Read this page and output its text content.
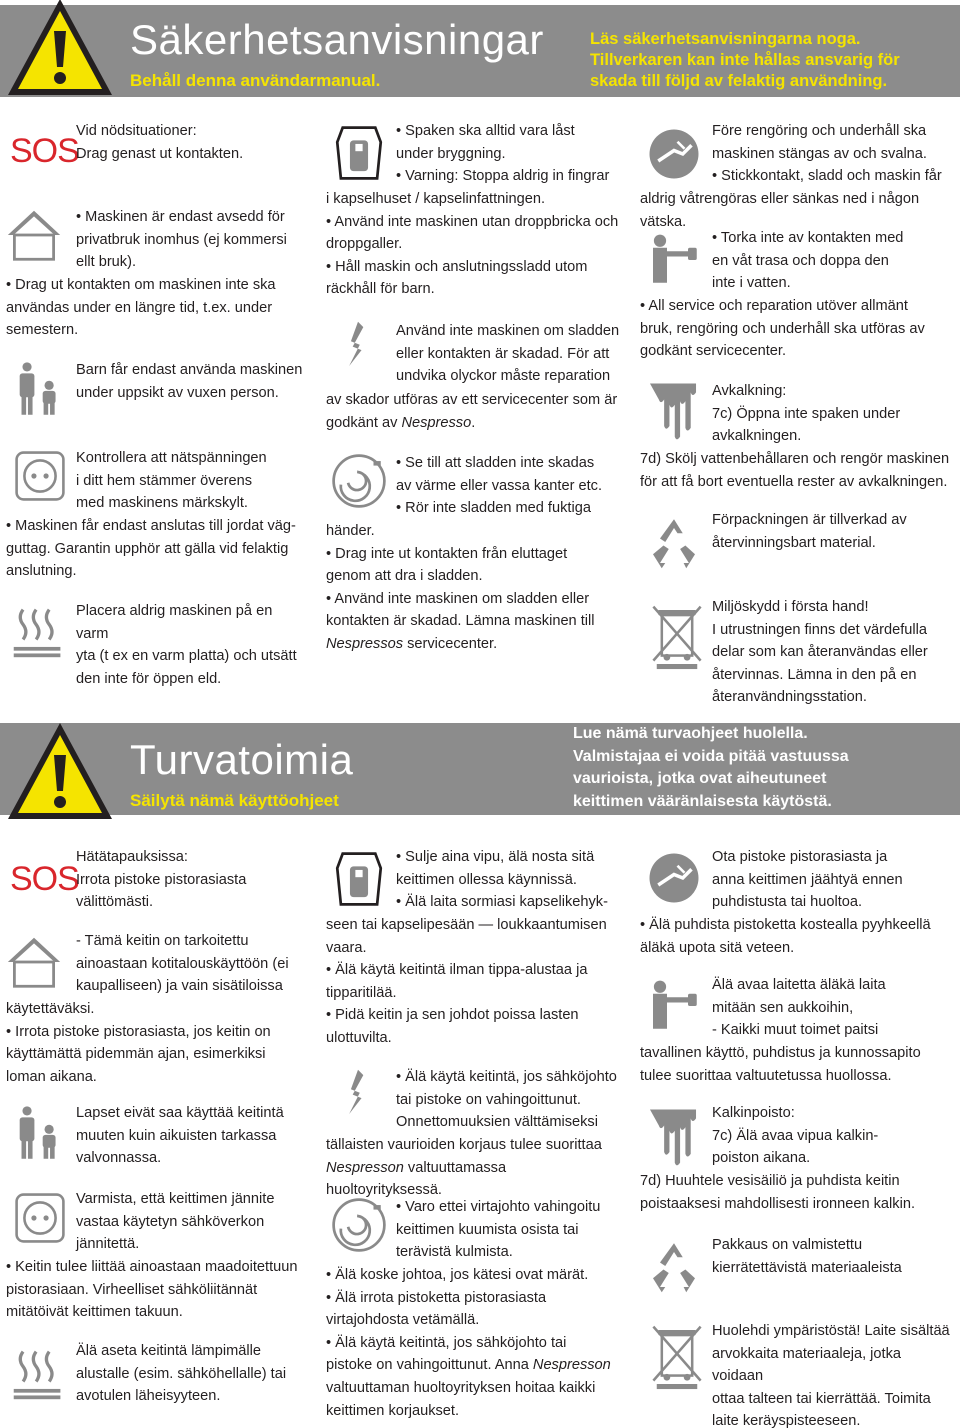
Säkerhetsanvisningar
Behåll denna användarmanual.
Läs säkerhetsanvisningarna noga.
Tillverkaren kan inte hållas ansvarig för
skada till följd av felaktig användning.
SOS

Vid nödsituationer:
Drag genast ut kontakten.

• Maskinen är endast avsedd för
privatbruk inomhus (ej kommersi
ellt bruk).

• Drag ut kontakten om maskinen inte ska
användas under en längre tid, t.ex. under
semestern.

Barn får endast använda maskinen
under uppsikt av vuxen person.

Kontrollera att nätspänningen
i ditt hem stämmer överens
med maskinens märkskylt.

• Maskinen får endast anslutas till jordat väg-
guttag. Garantin upphör att gälla vid felaktig
anslutning.

Placera aldrig maskinen på en varm
yta (t ex en varm platta) och utsätt
den inte för öppen eld.

• Spaken ska alltid vara låst
under bryggning.
• Varning: Stoppa aldrig in fingrar

i kapselhuset / kapselinfattningen.
• Använd inte maskinen utan droppbricka och
droppgaller.
• Håll maskin och anslutningssladd utom
räckhåll för barn.

Använd inte maskinen om sladden
eller kontakten är skadad. För att
undvika olyckor måste reparation

av skador utföras av ett servicecenter som är
godkänt av Nespresso.

• Se till att sladden inte skadas
av värme eller vassa kanter etc.
• Rör inte sladden med fuktiga

händer.
• Drag inte ut kontakten från eluttaget
genom att dra i sladden.
• Använd inte maskinen om sladden eller
kontakten är skadad. Lämna maskinen till
Nespressos servicecenter.

Före rengöring och underhåll ska
maskinen stängas av och svalna.
• Stickkontakt, sladd och maskin får

aldrig våtrengöras eller sänkas ned i någon vätska.

• Torka inte av kontakten med
en våt trasa och doppa den
inte i vatten.

• All service och reparation utöver allmänt
bruk, rengöring och underhåll ska utföras av
godkänt servicecenter.

Avkalkning:
7c) Öppna inte spaken under
avkalkningen.

7d) Skölj vattenbehållaren och rengör maskinen
för att få bort eventuella rester av avkalkningen.

Förpackningen är tillverkad av
återvinningsbart material.

Miljöskydd i första hand!
I utrustningen finns det värdefulla
delar som kan återanvändas eller
återvinnas. Lämna in den på en
återanvändningsstation.

Turvatoimia
Säilytä nämä käyttöohjeet
Lue nämä turvaohjeet huolella.
Valmistajaa ei voida pitää vastuussa
vaurioista, jotka ovat aiheutuneet
keittimen vääränlaisesta käytöstä.
SOS

Hätätapauksissa:
Irrota pistoke pistorasiasta
välittömästi.

- Tämä keitin on tarkoitettu
ainoastaan kotitalouskäyttöön (ei
kaupalliseen) ja vain sisätiloissa

käytettäväksi.
• Irrota pistoke pistorasiasta, jos keitin on
käyttämättä pidemmän ajan, esimerkiksi
loman aikana.

Lapset eivät saa käyttää keitintä
muuten kuin aikuisten tarkassa
valvonnassa.

Varmista, että keittimen jännite
vastaa käytetyn sähköverkon
jännitettä.

• Keitin tulee liittää ainoastaan maadoitettuun
pistorasiaan. Virheelliset sähköliitännät
mitätöivät keittimen takuun.

Älä aseta keitintä lämpimälle
alustalle (esim. sähköhellalle) tai
avotulen läheisyyteen.

• Sulje aina vipu, älä nosta sitä
keittimen ollessa käynnissä.
• Älä laita sormiasi kapselikehyk-

seen tai kapselipesään — loukkaantumisen
vaara.
• Älä käytä keitintä ilman tippa-alustaa ja
tipparitilää.
• Pidä keitin ja sen johdot poissa lasten
ulottuvilta.

• Älä käytä keitintä, jos sähköjohto
tai pistoke on vahingoittunut.
Onnettomuuksien välttämiseksi

tällaisten vaurioiden korjaus tulee suorittaa
Nespresson valtuuttamassa huoltoyrityksessä.

• Varo ettei virtajohto vahingoitu
keittimen kuumista osista tai
terävistä kulmista.

• Älä koske johtoa, jos kätesi ovat märät.
• Älä irrota pistoketta pistorasiasta
virtajohdosta vetämällä.
• Älä käytä keitintä, jos sähköjohto tai
pistoke on vahingoittunut. Anna Nespresson
valtuuttaman huoltoyrityksen hoitaa kaikki
keittimen korjaukset.

Ota pistoke pistorasiasta ja
anna keittimen jäähtyä ennen
puhdistusta tai huoltoa.

• Älä puhdista pistoketta kostealla pyyhkeellä
äläkä upota sitä veteen.

Älä avaa laitetta äläkä laita
mitään sen aukkoihin,
- Kaikki muut toimet paitsi

tavallinen käyttö, puhdistus ja kunnossapito
tulee suorittaa valtuutetussa huollossa.

Kalkinpoisto:
7c) Älä avaa vipua kalkin-
poiston aikana.

7d) Huuhtele vesisäiliö ja puhdista keitin
poistaaksesi mahdollisesti ironneen kalkin.

Pakkaus on valmistettu
kierrätettävistä materiaaleista

Huolehdi ympäristöstä! Laite sisältää
arvokkaita materiaaleja, jotka voidaan
ottaa talteen tai kierrättää. Toimita
laite keräyspisteeseen.
